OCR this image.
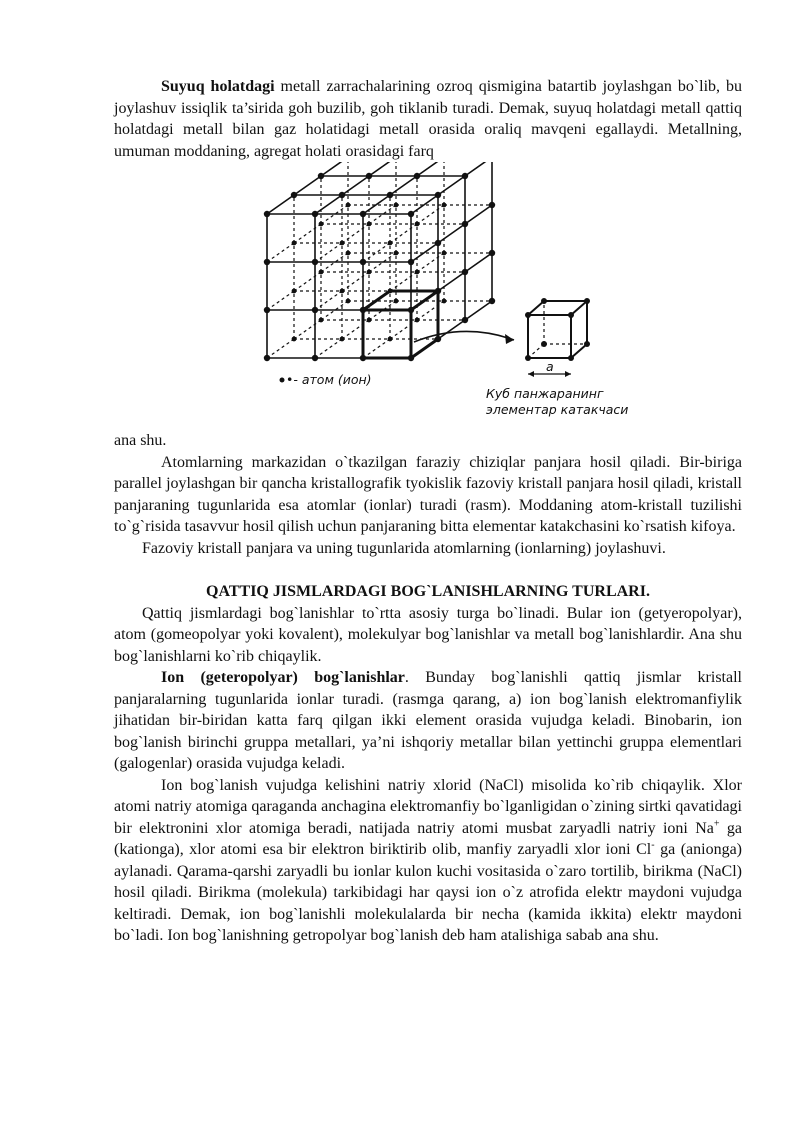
Suyuq holatdagi metall zarrachalarining ozroq qismigina batartib joylashgan bo`lib, bu joylashuv issiqlik ta’sirida goh buzilib, goh tiklanib turadi. Demak, suyuq holatdagi metall qattiq holatdagi metall bilan gaz holatidagi metall orasida oraliq mavqeni egallaydi. Metallning, umuman moddaning, agregat holati orasidagi farq

a
•- атом (ион)
Куб панжаранинг
элементар катакчаси

ana shu.

Atomlarning markazidan o`tkazilgan faraziy chiziqlar panjara hosil qiladi. Bir-biriga parallel joylashgan bir qancha kristallografik tyokislik fazoviy kristall panjara hosil qiladi, kristall panjaraning tugunlarida esa atomlar (ionlar) turadi (rasm). Moddaning atom-kristall tuzilishi to`g`risida tasavvur hosil qilish uchun panjaraning bitta elementar katakchasini ko`rsatish kifoya.

Fazoviy kristall panjara va uning tugunlarida atomlarning (ionlarning) joylashuvi.

QATTIQ JISMLARDAGI BOG`LANISHLARNING TURLARI.

Qattiq jismlardagi bog`lanishlar to`rtta asosiy turga bo`linadi. Bular ion (getyeropolyar), atom (gomeopolyar yoki kovalent), molekulyar bog`lanishlar va metall bog`lanishlardir. Ana shu bog`lanishlarni ko`rib chiqaylik.

Ion (geteropolyar) bog`lanishlar. Bunday bog`lanishli qattiq jismlar kristall panjaralarning tugunlarida ionlar turadi. (rasmga qarang, a) ion bog`lanish elektromanfiylik jihatidan bir-biridan katta farq qilgan ikki element orasida vujudga keladi. Binobarin, ion bog`lanish birinchi gruppa metallari, ya’ni ishqoriy metallar bilan yettinchi gruppa elementlari (galogenlar) orasida vujudga keladi.

Ion bog`lanish vujudga kelishini natriy xlorid (NaCl) misolida ko`rib chiqaylik. Xlor atomi natriy atomiga qaraganda anchagina elektromanfiy bo`lganligidan o`zining sirtki qavatidagi bir elektronini xlor atomiga beradi, natijada natriy atomi musbat zaryadli natriy ioni Na+ ga (kationga), xlor atomi esa bir elektron biriktirib olib, manfiy zaryadli xlor ioni Cl- ga (anionga) aylanadi. Qarama-qarshi zaryadli bu ionlar kulon kuchi vositasida o`zaro tortilib, birikma (NaCl) hosil qiladi. Birikma (molekula) tarkibidagi har qaysi ion o`z atrofida elektr maydoni vujudga keltiradi. Demak, ion bog`lanishli molekulalarda bir necha (kamida ikkita) elektr maydoni bo`ladi. Ion bog`lanishning getropolyar bog`lanish deb ham atalishiga sabab ana shu.
